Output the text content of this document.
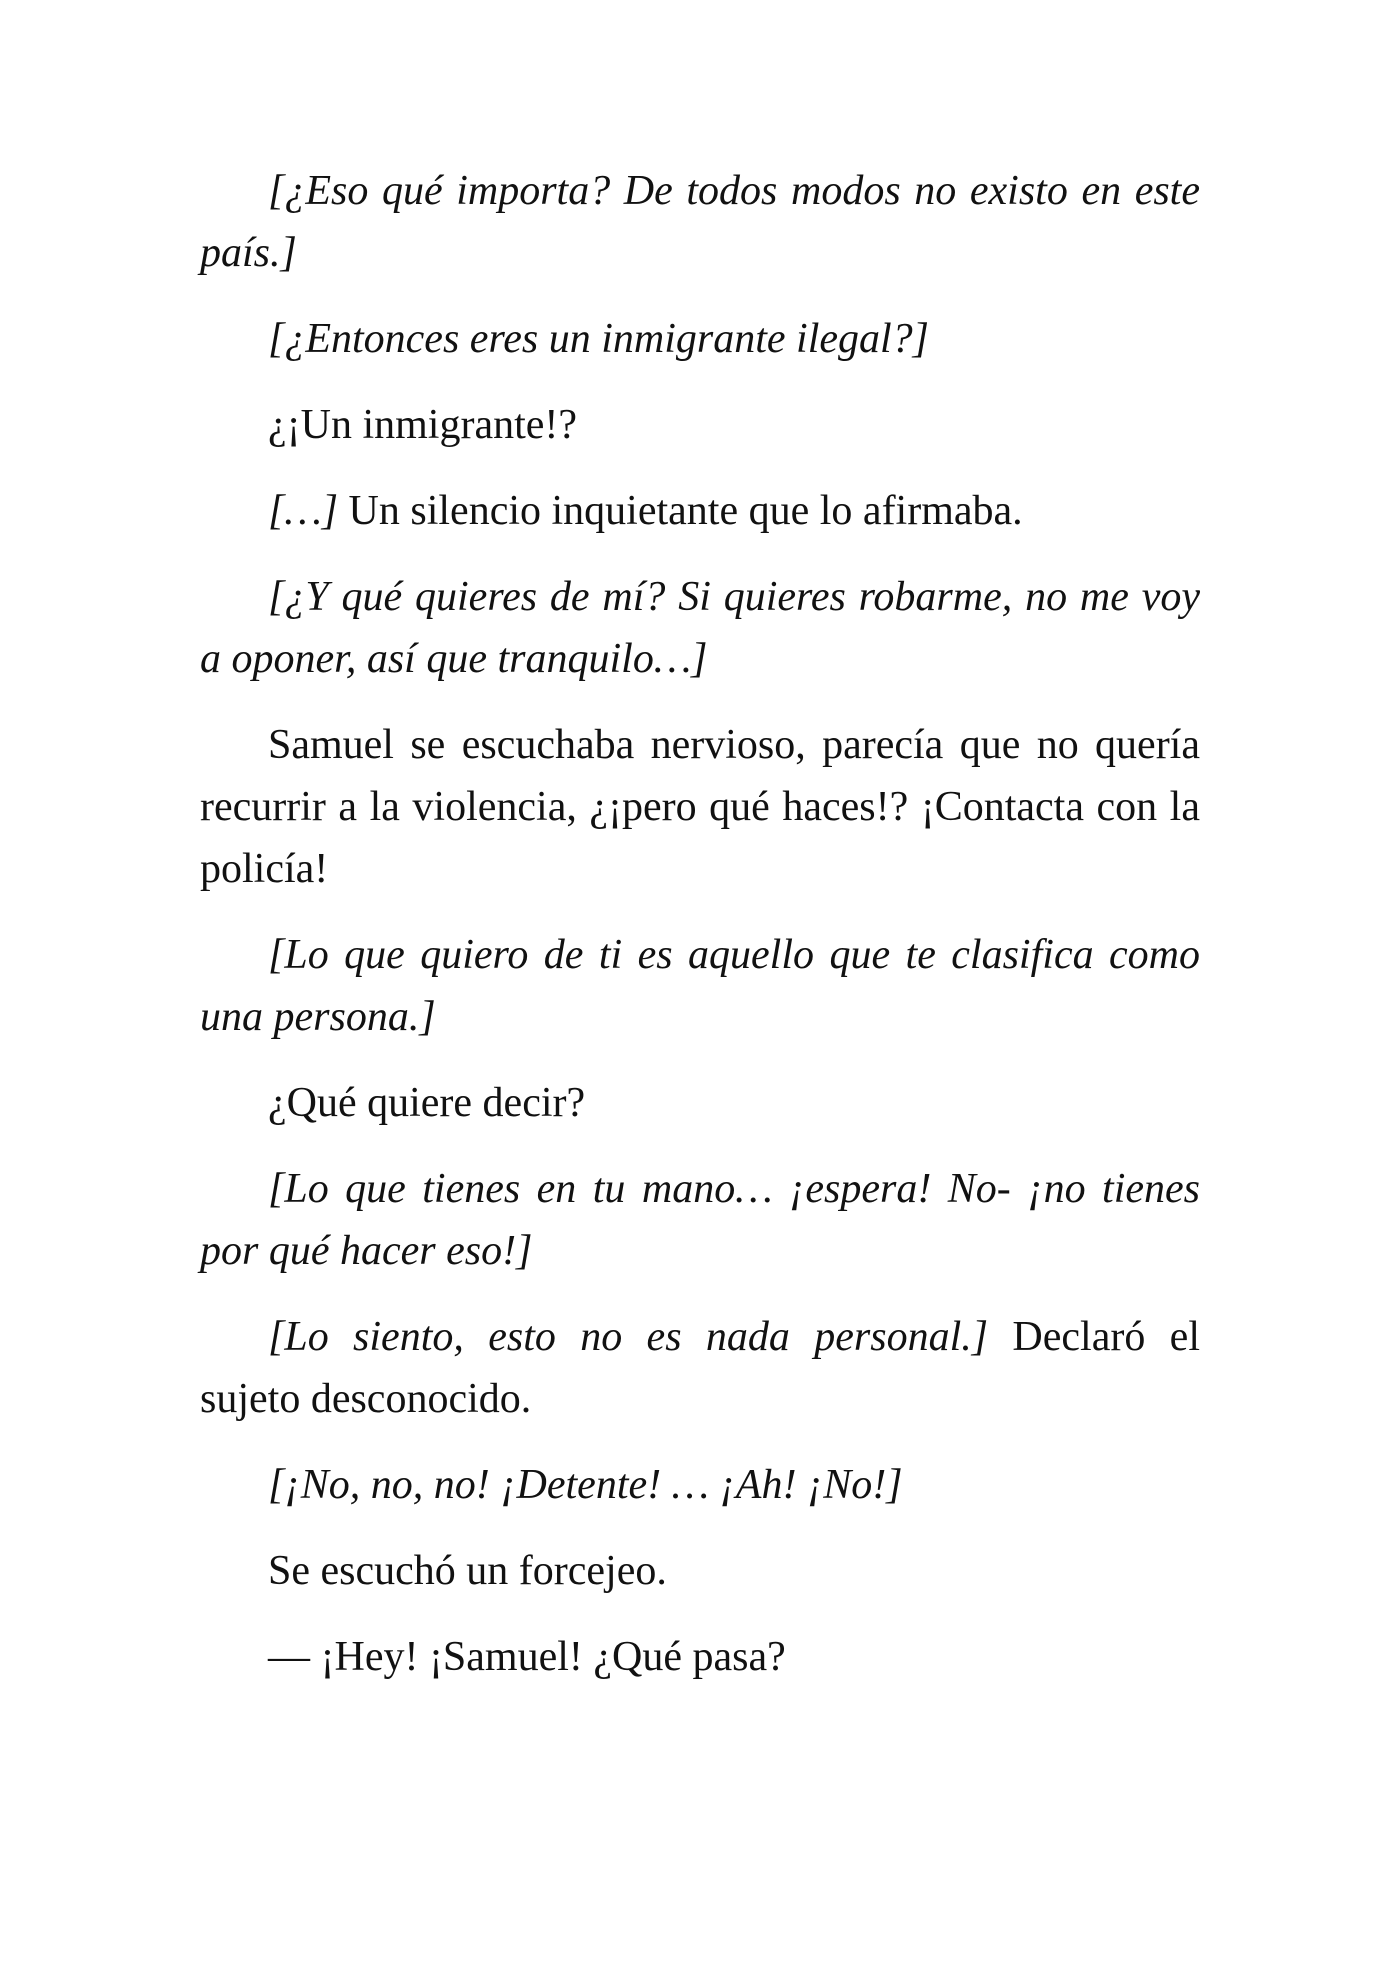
[¿Eso qué importa? De todos modos no existo en este país.]

[¿Entonces eres un inmigrante ilegal?]

¿¡Un inmigrante!?

[…] Un silencio inquietante que lo afirmaba.

[¿Y qué quieres de mí? Si quieres robarme, no me voy a oponer, así que tranquilo…]

Samuel se escuchaba nervioso, parecía que no quería recurrir a la violencia, ¿¡pero qué haces!? ¡Contacta con la policía!

[Lo que quiero de ti es aquello que te clasifica como una persona.]

¿Qué quiere decir?

[Lo que tienes en tu mano… ¡espera! No- ¡no tienes por qué hacer eso!]

[Lo siento, esto no es nada personal.] Declaró el sujeto desconocido.

[¡No, no, no! ¡Detente! … ¡Ah! ¡No!]

Se escuchó un forcejeo.

— ¡Hey! ¡Samuel! ¿Qué pasa?
